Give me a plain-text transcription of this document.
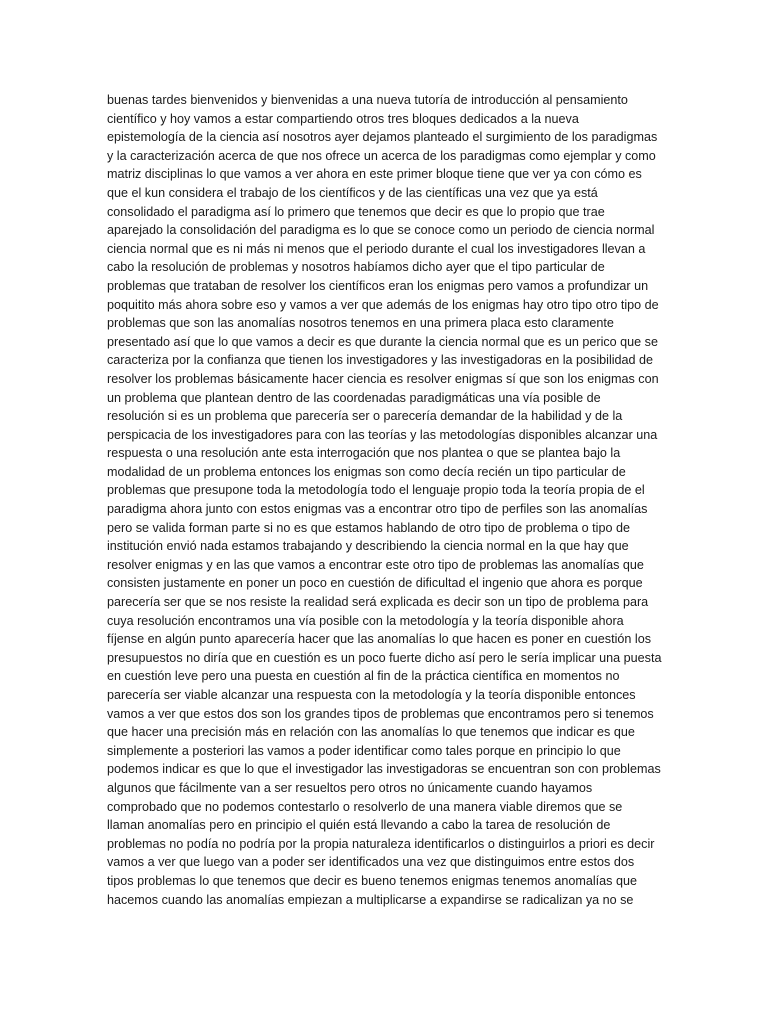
buenas tardes bienvenidos y bienvenidas a una nueva tutoría de introducción al pensamiento
científico y hoy vamos a estar compartiendo otros tres bloques dedicados a la nueva
epistemología de la ciencia así nosotros ayer dejamos planteado el surgimiento de los paradigmas
y la caracterización acerca de que nos ofrece un acerca de los paradigmas como ejemplar y como
matriz disciplinas lo que vamos a ver ahora en este primer bloque tiene que ver ya con cómo es
que el kun considera el trabajo de los científicos y de las científicas una vez que ya está
consolidado el paradigma así lo primero que tenemos que decir es que lo propio que trae
aparejado la consolidación del paradigma es lo que se conoce como un periodo de ciencia normal
ciencia normal que es ni más ni menos que el periodo durante el cual los investigadores llevan a
cabo la resolución de problemas y nosotros habíamos dicho ayer que el tipo particular de
problemas que trataban de resolver los científicos eran los enigmas pero vamos a profundizar un
poquitito más ahora sobre eso y vamos a ver que además de los enigmas hay otro tipo otro tipo de
problemas que son las anomalías nosotros tenemos en una primera placa esto claramente
presentado así que lo que vamos a decir es que durante la ciencia normal que es un perico que se
caracteriza por la confianza que tienen los investigadores y las investigadoras en la posibilidad de
resolver los problemas básicamente hacer ciencia es resolver enigmas sí que son los enigmas con
un problema que plantean dentro de las coordenadas paradigmáticas una vía posible de
resolución si es un problema que parecería ser o parecería demandar de la habilidad y de la
perspicacia de los investigadores para con las teorías y las metodologías disponibles alcanzar una
respuesta o una resolución ante esta interrogación que nos plantea o que se plantea bajo la
modalidad de un problema entonces los enigmas son como decía recién un tipo particular de
problemas que presupone toda la metodología todo el lenguaje propio toda la teoría propia de el
paradigma ahora junto con estos enigmas vas a encontrar otro tipo de perfiles son las anomalías
pero se valida forman parte si no es que estamos hablando de otro tipo de problema o tipo de
institución envió nada estamos trabajando y describiendo la ciencia normal en la que hay que
resolver enigmas y en las que vamos a encontrar este otro tipo de problemas las anomalías que
consisten justamente en poner un poco en cuestión de dificultad el ingenio que ahora es porque
parecería ser que se nos resiste la realidad será explicada es decir son un tipo de problema para
cuya resolución encontramos una vía posible con la metodología y la teoría disponible ahora
fíjense en algún punto aparecería hacer que las anomalías lo que hacen es poner en cuestión los
presupuestos no diría que en cuestión es un poco fuerte dicho así pero le sería implicar una puesta
en cuestión leve pero una puesta en cuestión al fin de la práctica científica en momentos no
parecería ser viable alcanzar una respuesta con la metodología y la teoría disponible entonces
vamos a ver que estos dos son los grandes tipos de problemas que encontramos pero si tenemos
que hacer una precisión más en relación con las anomalías lo que tenemos que indicar es que
simplemente a posteriori las vamos a poder identificar como tales porque en principio lo que
podemos indicar es que lo que el investigador las investigadoras se encuentran son con problemas
algunos que fácilmente van a ser resueltos pero otros no únicamente cuando hayamos
comprobado que no podemos contestarlo o resolverlo de una manera viable diremos que se
llaman anomalías pero en principio el quién está llevando a cabo la tarea de resolución de
problemas no podía no podría por la propia naturaleza identificarlos o distinguirlos a priori es decir
vamos a ver que luego van a poder ser identificados una vez que distinguimos entre estos dos
tipos problemas lo que tenemos que decir es bueno tenemos enigmas tenemos anomalías que
hacemos cuando las anomalías empiezan a multiplicarse a expandirse se radicalizan ya no se
